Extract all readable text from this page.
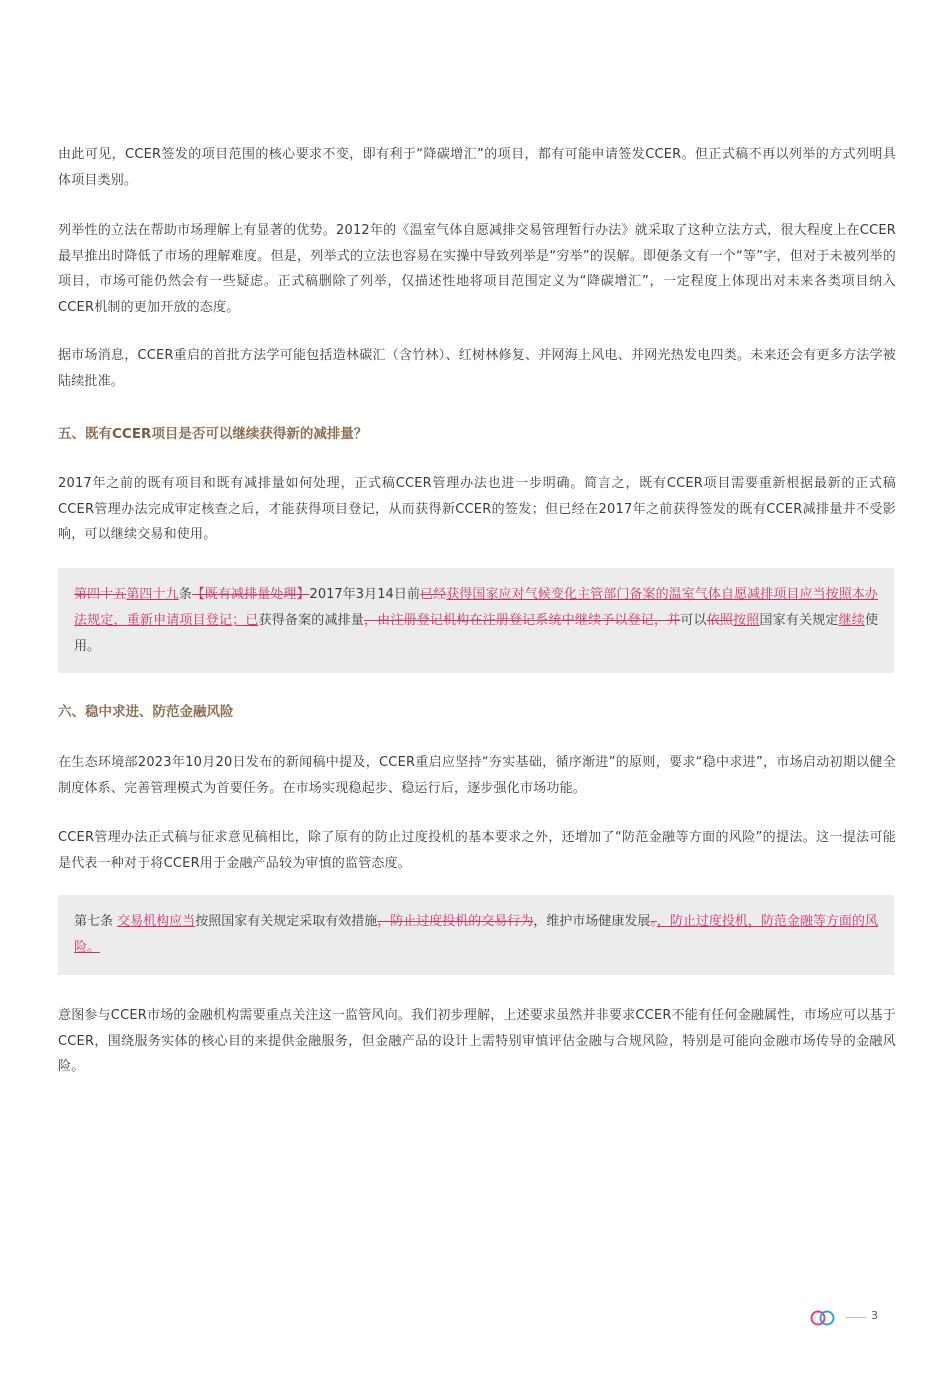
由此可见，CCER签发的项目范围的核心要求不变，即有利于“降碳增汇”的项目，都有可能申请签发CCER。但正式稿不再以列举的方式列明具体项目类别。

列举性的立法在帮助市场理解上有显著的优势。2012年的《温室气体自愿减排交易管理暂行办法》就采取了这种立法方式，很大程度上在CCER最早推出时降低了市场的理解难度。但是，列举式的立法也容易在实操中导致列举是“穷举”的误解。即便条文有一个“等”字，但对于未被列举的项目，市场可能仍然会有一些疑虑。正式稿删除了列举，仅描述性地将项目范围定义为“降碳增汇”，一定程度上体现出对未来各类项目纳入CCER机制的更加开放的态度。

据市场消息，CCER重启的首批方法学可能包括造林碳汇（含竹林）、红树林修复、并网海上风电、并网光热发电四类。未来还会有更多方法学被陆续批准。

五、既有CCER项目是否可以继续获得新的减排量？

2017年之前的既有项目和既有减排量如何处理，正式稿CCER管理办法也进一步明确。简言之，既有CCER项目需要重新根据最新的正式稿CCER管理办法完成审定核查之后，才能获得项目登记，从而获得新CCER的签发；但已经在2017年之前获得签发的既有CCER减排量并不受影响，可以继续交易和使用。

第四十五第四十九条【既有减排量处理】2017年3月14日前已经获得国家应对气候变化主管部门备案的温室气体自愿减排项目应当按照本办法规定，重新申请项目登记；已获得备案的减排量，由注册登记机构在注册登记系统中继续予以登记，并可以依照按照国家有关规定继续使用。
六、稳中求进、防范金融风险

在生态环境部2023年10月20日发布的新闻稿中提及，CCER重启应坚持“夯实基础，循序渐进”的原则，要求“稳中求进”，市场启动初期以健全制度体系、完善管理模式为首要任务。在市场实现稳起步、稳运行后，逐步强化市场功能。

CCER管理办法正式稿与征求意见稿相比，除了原有的防止过度投机的基本要求之外，还增加了“防范金融等方面的风险”的提法。这一提法可能是代表一种对于将CCER用于金融产品较为审慎的监管态度。

第七条 交易机构应当按照国家有关规定采取有效措施，防止过度投机的交易行为，维护市场健康发展。，防止过度投机，防范金融等方面的风险。

意图参与CCER市场的金融机构需要重点关注这一监管风向。我们初步理解，上述要求虽然并非要求CCER不能有任何金融属性，市场应可以基于CCER，围绕服务实体的核心目的来提供金融服务，但金融产品的设计上需特别审慎评估金融与合规风险，特别是可能向金融市场传导的金融风险。

3
